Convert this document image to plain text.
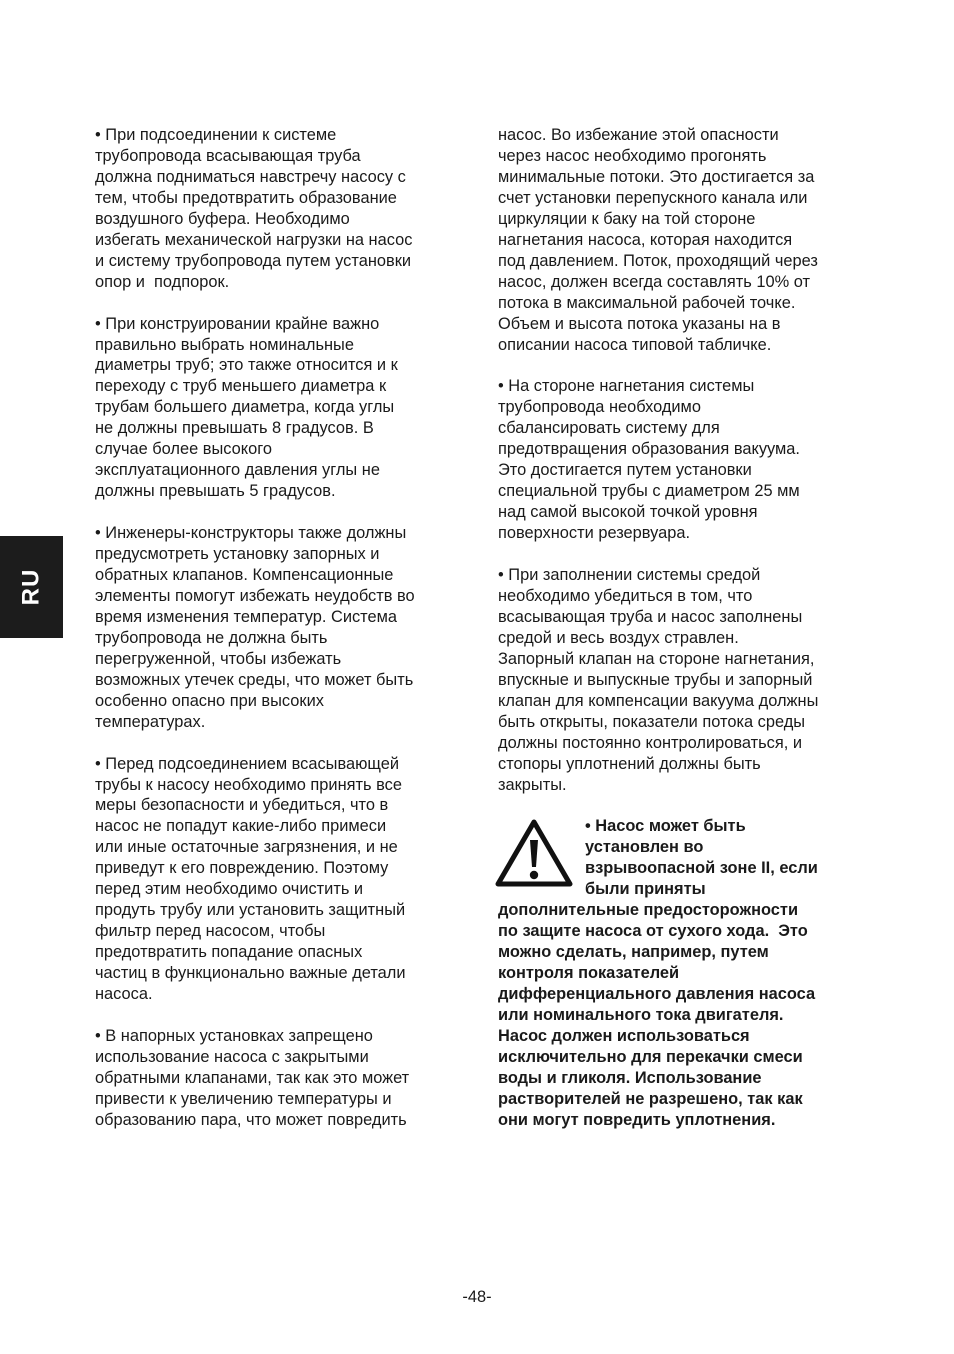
RU
• При подсоединении к системе
трубопровода всасывающая труба
должна подниматься навстречу насосу с
тем, чтобы предотвратить образование
воздушного буфера. Необходимо
избегать механической нагрузки на насос
и систему трубопровода путем установки
опор и  подпорок.
• При конструировании крайне важно
правильно выбрать номинальные
диаметры труб; это также относится и к
переходу с труб меньшего диаметра к
трубам большего диаметра, когда углы
не должны превышать 8 градусов. В
случае более высокого
эксплуатационного давления углы не
должны превышать 5 градусов.
• Инженеры-конструкторы также должны
предусмотреть установку запорных и
обратных клапанов. Компенсационные
элементы помогут избежать неудобств во
время изменения температур. Система
трубопровода не должна быть
перегруженной, чтобы избежать
возможных утечек среды, что может быть
особенно опасно при высоких
температурах.
• Перед подсоединением всасывающей
трубы к насосу необходимо принять все
меры безопасности и убедиться, что в
насос не попадут какие-либо примеси
или иные остаточные загрязнения, и не
приведут к его повреждению. Поэтому
перед этим необходимо очистить и
продуть трубу или установить защитный
фильтр перед насосом, чтобы
предотвратить попадание опасных
частиц в функционально важные детали
насоса.
• В напорных установках запрещено
использование насоса с закрытыми
обратными клапанами, так как это может
привести к увеличению температуры и
образованию пара, что может повредить
насос. Во избежание этой опасности
через насос необходимо прогонять
минимальные потоки. Это достигается за
счет установки перепускного канала или
циркуляции к баку на той стороне
нагнетания насоса, которая находится
под давлением. Поток, проходящий через
насос, должен всегда составлять 10% от
потока в максимальной рабочей точке.
Объем и высота потока указаны на в
описании насоса типовой табличке.
• На стороне нагнетания системы
трубопровода необходимо
сбалансировать систему для
предотвращения образования вакуума.
Это достигается путем установки
специальной трубы с диаметром 25 мм
над самой высокой точкой уровня
поверхности резервуара.
• При заполнении системы средой
необходимо убедиться в том, что
всасывающая труба и насос заполнены
средой и весь воздух стравлен.
Запорный клапан на стороне нагнетания,
впускные и выпускные трубы и запорный
клапан для компенсации вакуума должны
быть открыты, показатели потока среды
должны постоянно контролироваться, и
стопоры уплотнений должны быть
закрыты.
• Насос может быть
установлен во
взрывоопасной зоне II, если
были приняты
дополнительные предосторожности
по защите насоса от сухого хода.  Это
можно сделать, например, путем
контроля показателей
дифференциального давления насоса
или номинального тока двигателя.
Насос должен использоваться
исключительно для перекачки смеси
воды и гликоля. Использование
растворителей не разрешено, так как
они могут повредить уплотнения.
-48-
